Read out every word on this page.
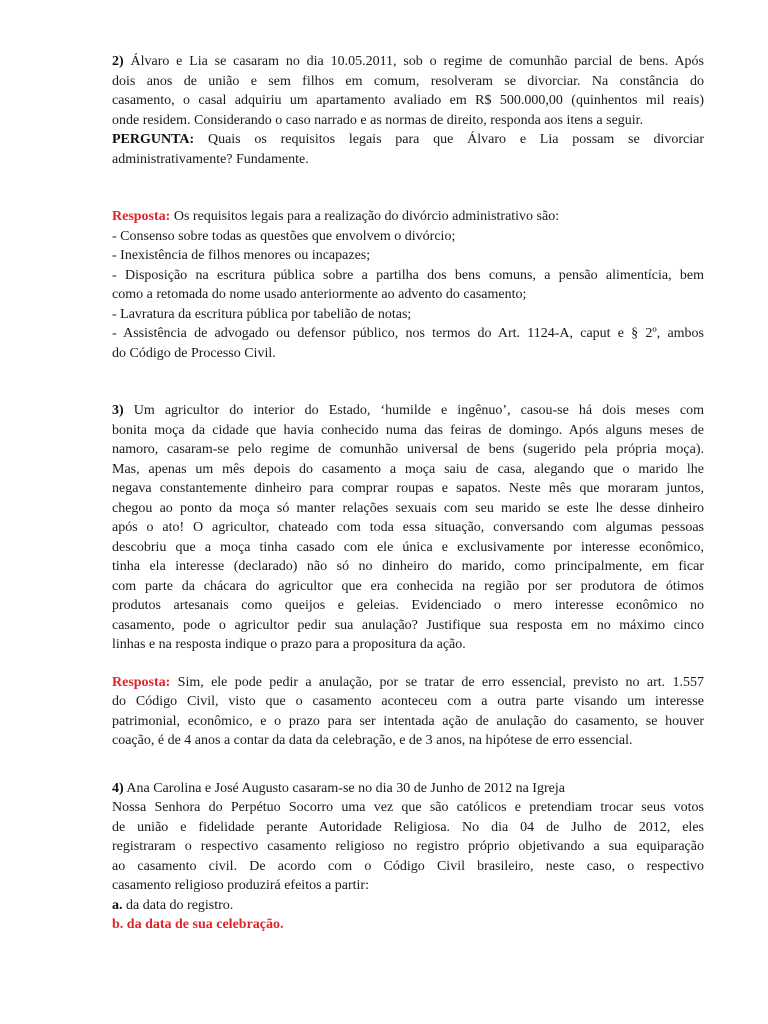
2) Álvaro e Lia se casaram no dia 10.05.2011, sob o regime de comunhão parcial de bens. Após
dois anos de união e sem filhos em comum, resolveram se divorciar. Na constância do
casamento, o casal adquiriu um apartamento avaliado em R$ 500.000,00 (quinhentos mil reais)
onde residem. Considerando o caso narrado e as normas de direito, responda aos itens a seguir.
PERGUNTA: Quais os requisitos legais para que Álvaro e Lia possam se divorciar
administrativamente? Fundamente.
Resposta: Os requisitos legais para a realização do divórcio administrativo são:
- Consenso sobre todas as questões que envolvem o divórcio;
- Inexistência de filhos menores ou incapazes;
- Disposição na escritura pública sobre a partilha dos bens comuns, a pensão alimentícia, bem
como a retomada do nome usado anteriormente ao advento do casamento;
- Lavratura da escritura pública por tabelião de notas;
- Assistência de advogado ou defensor público, nos termos do Art. 1124-A, caput e § 2º, ambos
do Código de Processo Civil.
3) Um agricultor do interior do Estado, ‘humilde e ingênuo’, casou-se há dois meses com
bonita moça da cidade que havia conhecido numa das feiras de domingo. Após alguns meses de
namoro, casaram-se pelo regime de comunhão universal de bens (sugerido pela própria moça).
Mas, apenas um mês depois do casamento a moça saiu de casa, alegando que o marido lhe
negava constantemente dinheiro para comprar roupas e sapatos. Neste mês que moraram juntos,
chegou ao ponto da moça só manter relações sexuais com seu marido se este lhe desse dinheiro
após o ato! O agricultor, chateado com toda essa situação, conversando com algumas pessoas
descobriu que a moça tinha casado com ele única e exclusivamente por interesse econômico,
tinha ela interesse (declarado) não só no dinheiro do marido, como principalmente, em ficar
com parte da chácara do agricultor que era conhecida na região por ser produtora de ótimos
produtos artesanais como queijos e geleias. Evidenciado o mero interesse econômico no
casamento, pode o agricultor pedir sua anulação? Justifique sua resposta em no máximo cinco
linhas e na resposta indique o prazo para a propositura da ação.
Resposta: Sim, ele pode pedir a anulação, por se tratar de erro essencial, previsto no art. 1.557
do Código Civil, visto que o casamento aconteceu com a outra parte visando um interesse
patrimonial, econômico, e o prazo para ser intentada ação de anulação do casamento, se houver
coação, é de 4 anos a contar da data da celebração, e de 3 anos, na hipótese de erro essencial.
4) Ana Carolina e José Augusto casaram-se no dia 30 de Junho de 2012 na Igreja
Nossa Senhora do Perpétuo Socorro uma vez que são católicos e pretendiam trocar seus votos
de união e fidelidade perante Autoridade Religiosa. No dia 04 de Julho de 2012, eles
registraram o respectivo casamento religioso no registro próprio objetivando a sua equiparação
ao casamento civil. De acordo com o Código Civil brasileiro, neste caso, o respectivo
casamento religioso produzirá efeitos a partir:
a. da data do registro.
b. da data de sua celebração.
